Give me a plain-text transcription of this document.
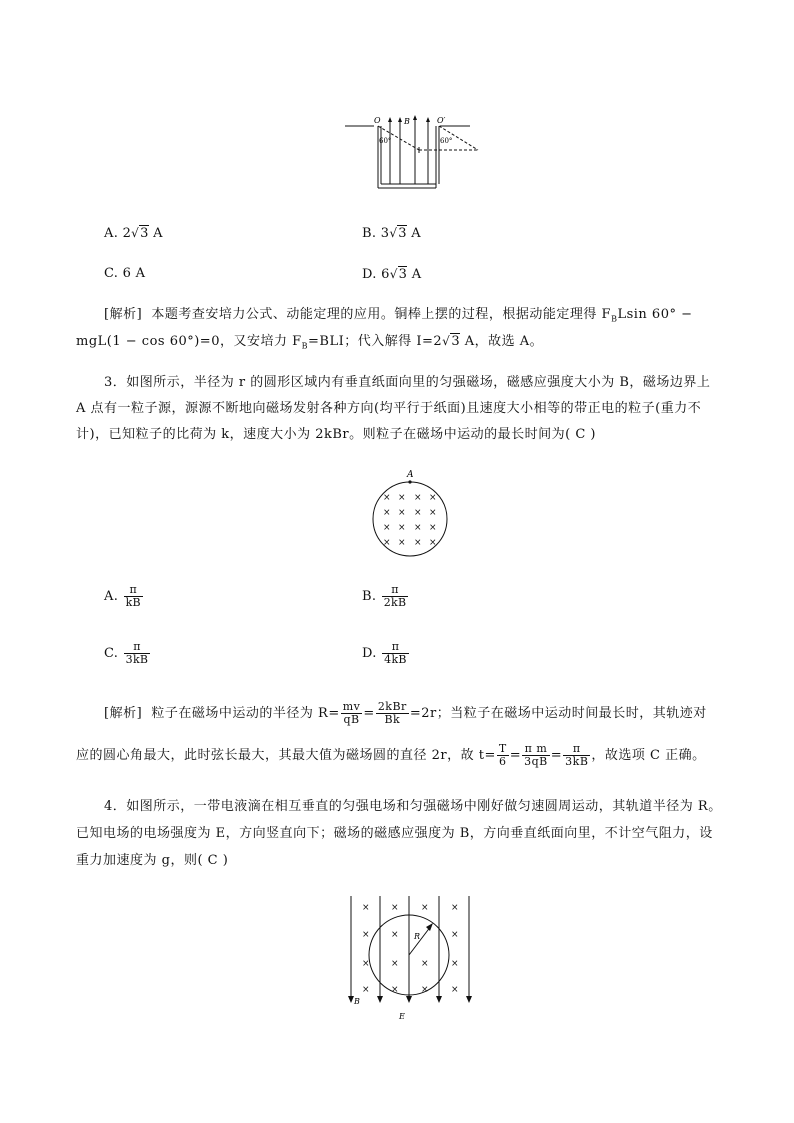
O	B	O′
60°	60°
A. 2√3 A	B. 3√3 A
C. 6 A	D. 6√3 A
[解析] 本题考查安培力公式、动能定理的应用。铜棒上摆的过程，根据动能定理得 $F_BLsin$ 60° −
mgL(1 − cos 60°)=0，又安培力 $F_B=BLI$；代入解得 I=2√3 A，故选 A。
3．如图所示，半径为 r 的圆形区域内有垂直纸面向里的匀强磁场，磁感应强度大小为 B，磁场边界上
A 点有一粒子源，源源不断地向磁场发射各种方向(均平行于纸面)且速度大小相等的带正电的粒子(重力不
计)，已知粒子的比荷为 k，速度大小为 2kBr。则粒子在磁场中运动的最长时间为( C )
A
× × × ×
× × × ×
× × × ×
× × × ×
A. $\frac{\pi}{kB}$	B. $\frac{\pi}{2kB}$
C. $\frac{\pi}{3kB}$	D. $\frac{\pi}{4kB}$
[解析] 粒子在磁场中运动的半径为 $R= \frac{mv}{qB} = \frac{\text{2kBr}}{Bk} =2r$；当粒子在磁场中运动时间最长时，其轨迹对
应的圆心角最大，此时弦长最大，其最大值为磁场圆的直径 2r，故 $t= \frac{T}{6} = \frac{\text{π m}}{3qB} = \frac{\pi}{3kB}$ ，故选项 C 正确。
4．如图所示，一带电液滴在相互垂直的匀强电场和匀强磁场中刚好做匀速圆周运动，其轨道半径为 R。
已知电场的电场强度为 E，方向竖直向下；磁场的磁感应强度为 B，方向垂直纸面向里，不计空气阻力，设
重力加速度为 g，则( C )
R
B
E
× × × ×
× ×	×
× × × ×
× × × ×
